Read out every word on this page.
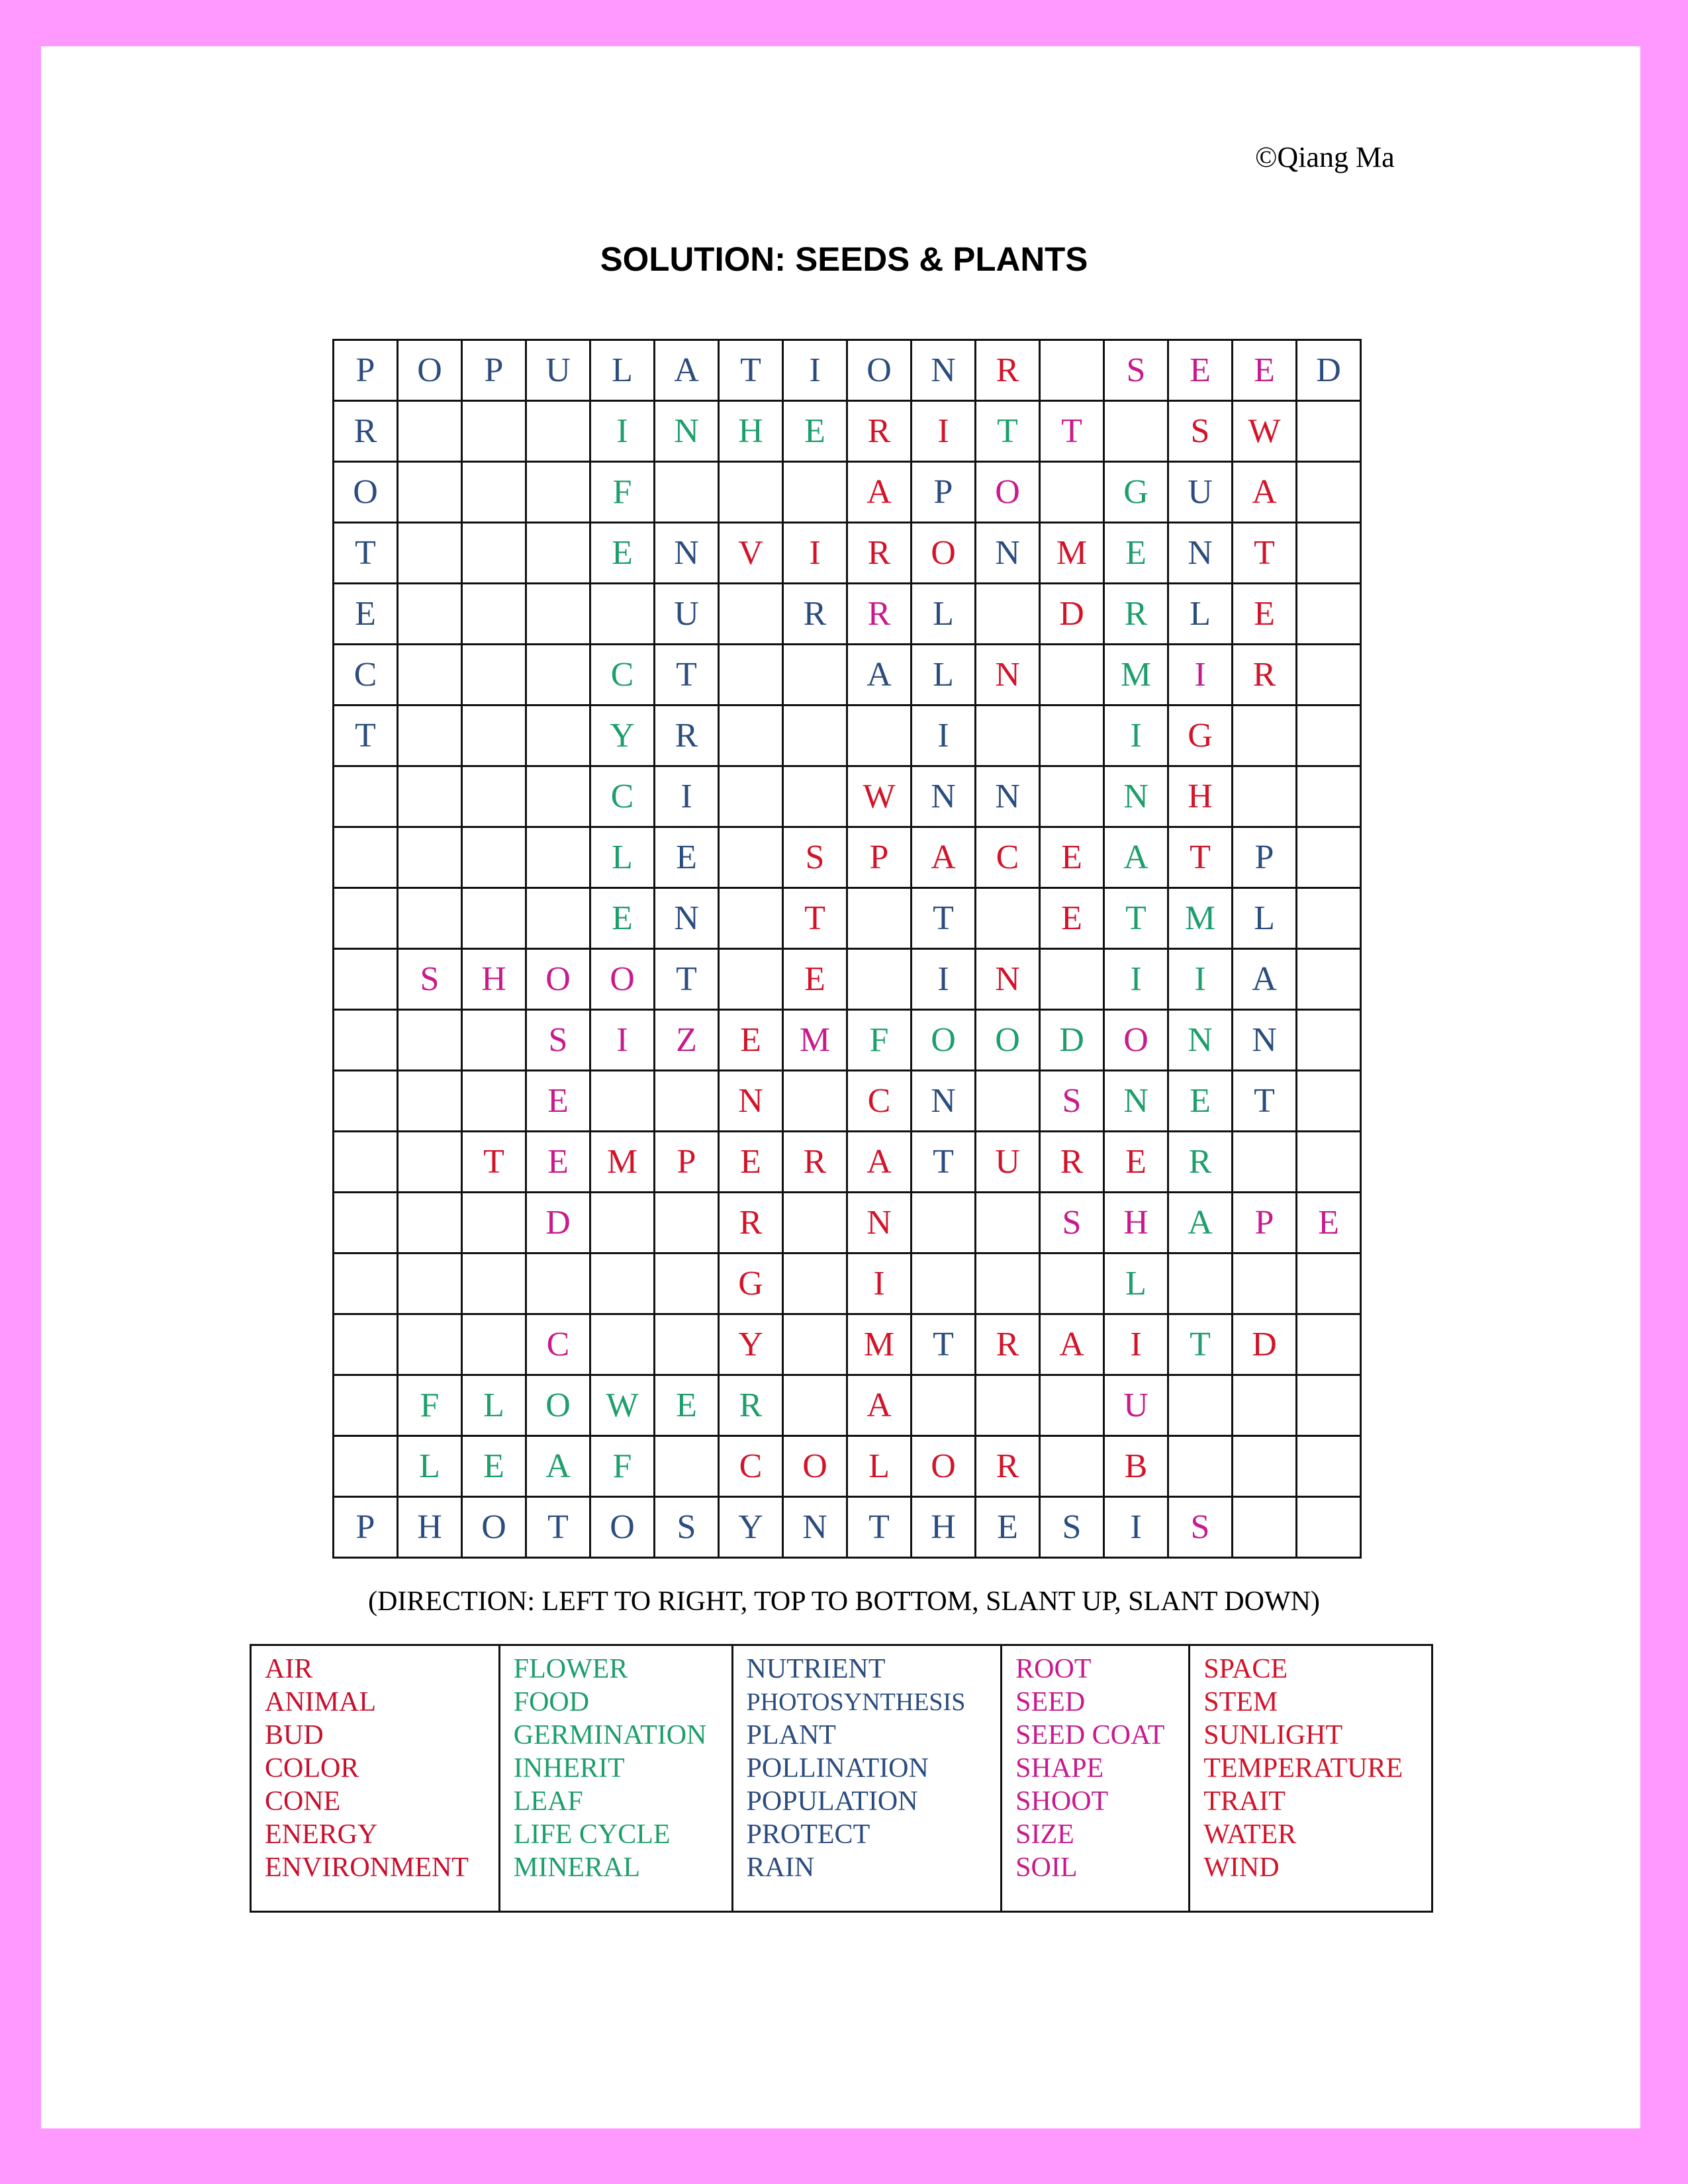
©Qiang Ma
SOLUTION: SEEDS & PLANTS
P	O	P	U	L	A	T	I	O	N	R		S	E	E	D
R				I	N	H	E	R	I	T	T		S	W	
O				F				A	P	O		G	U	A	
T				E	N	V	I	R	O	N	M	E	N	T	
E					U		R	R	L		D	R	L	E	
C				C	T			A	L	N		M	I	R	
T				Y	R				I			I	G		
				C	I			W	N	N		N	H		
				L	E		S	P	A	C	E	A	T	P	
				E	N		T		T		E	T	M	L	
	S	H	O	O	T		E		I	N		I	I	A	
			S	I	Z	E	M	F	O	O	D	O	N	N	
			E			N		C	N		S	N	E	T	
		T	E	M	P	E	R	A	T	U	R	E	R		
			D			R		N			S	H	A	P	E
						G		I				L			
			C			Y		M	T	R	A	I	T	D	
	F	L	O	W	E	R		A				U			
	L	E	A	F		C	O	L	O	R		B			
P	H	O	T	O	S	Y	N	T	H	E	S	I	S		
(DIRECTION: LEFT TO RIGHT, TOP TO BOTTOM, SLANT UP, SLANT DOWN)
AIR
ANIMAL
BUD
COLOR
CONE
ENERGY
ENVIRONMENT
FLOWER
FOOD
GERMINATION
INHERIT
LEAF
LIFE CYCLE
MINERAL
NUTRIENT
PHOTOSYNTHESIS
PLANT
POLLINATION
POPULATION
PROTECT
RAIN
ROOT
SEED
SEED COAT
SHAPE
SHOOT
SIZE
SOIL
SPACE
STEM
SUNLIGHT
TEMPERATURE
TRAIT
WATER
WIND
